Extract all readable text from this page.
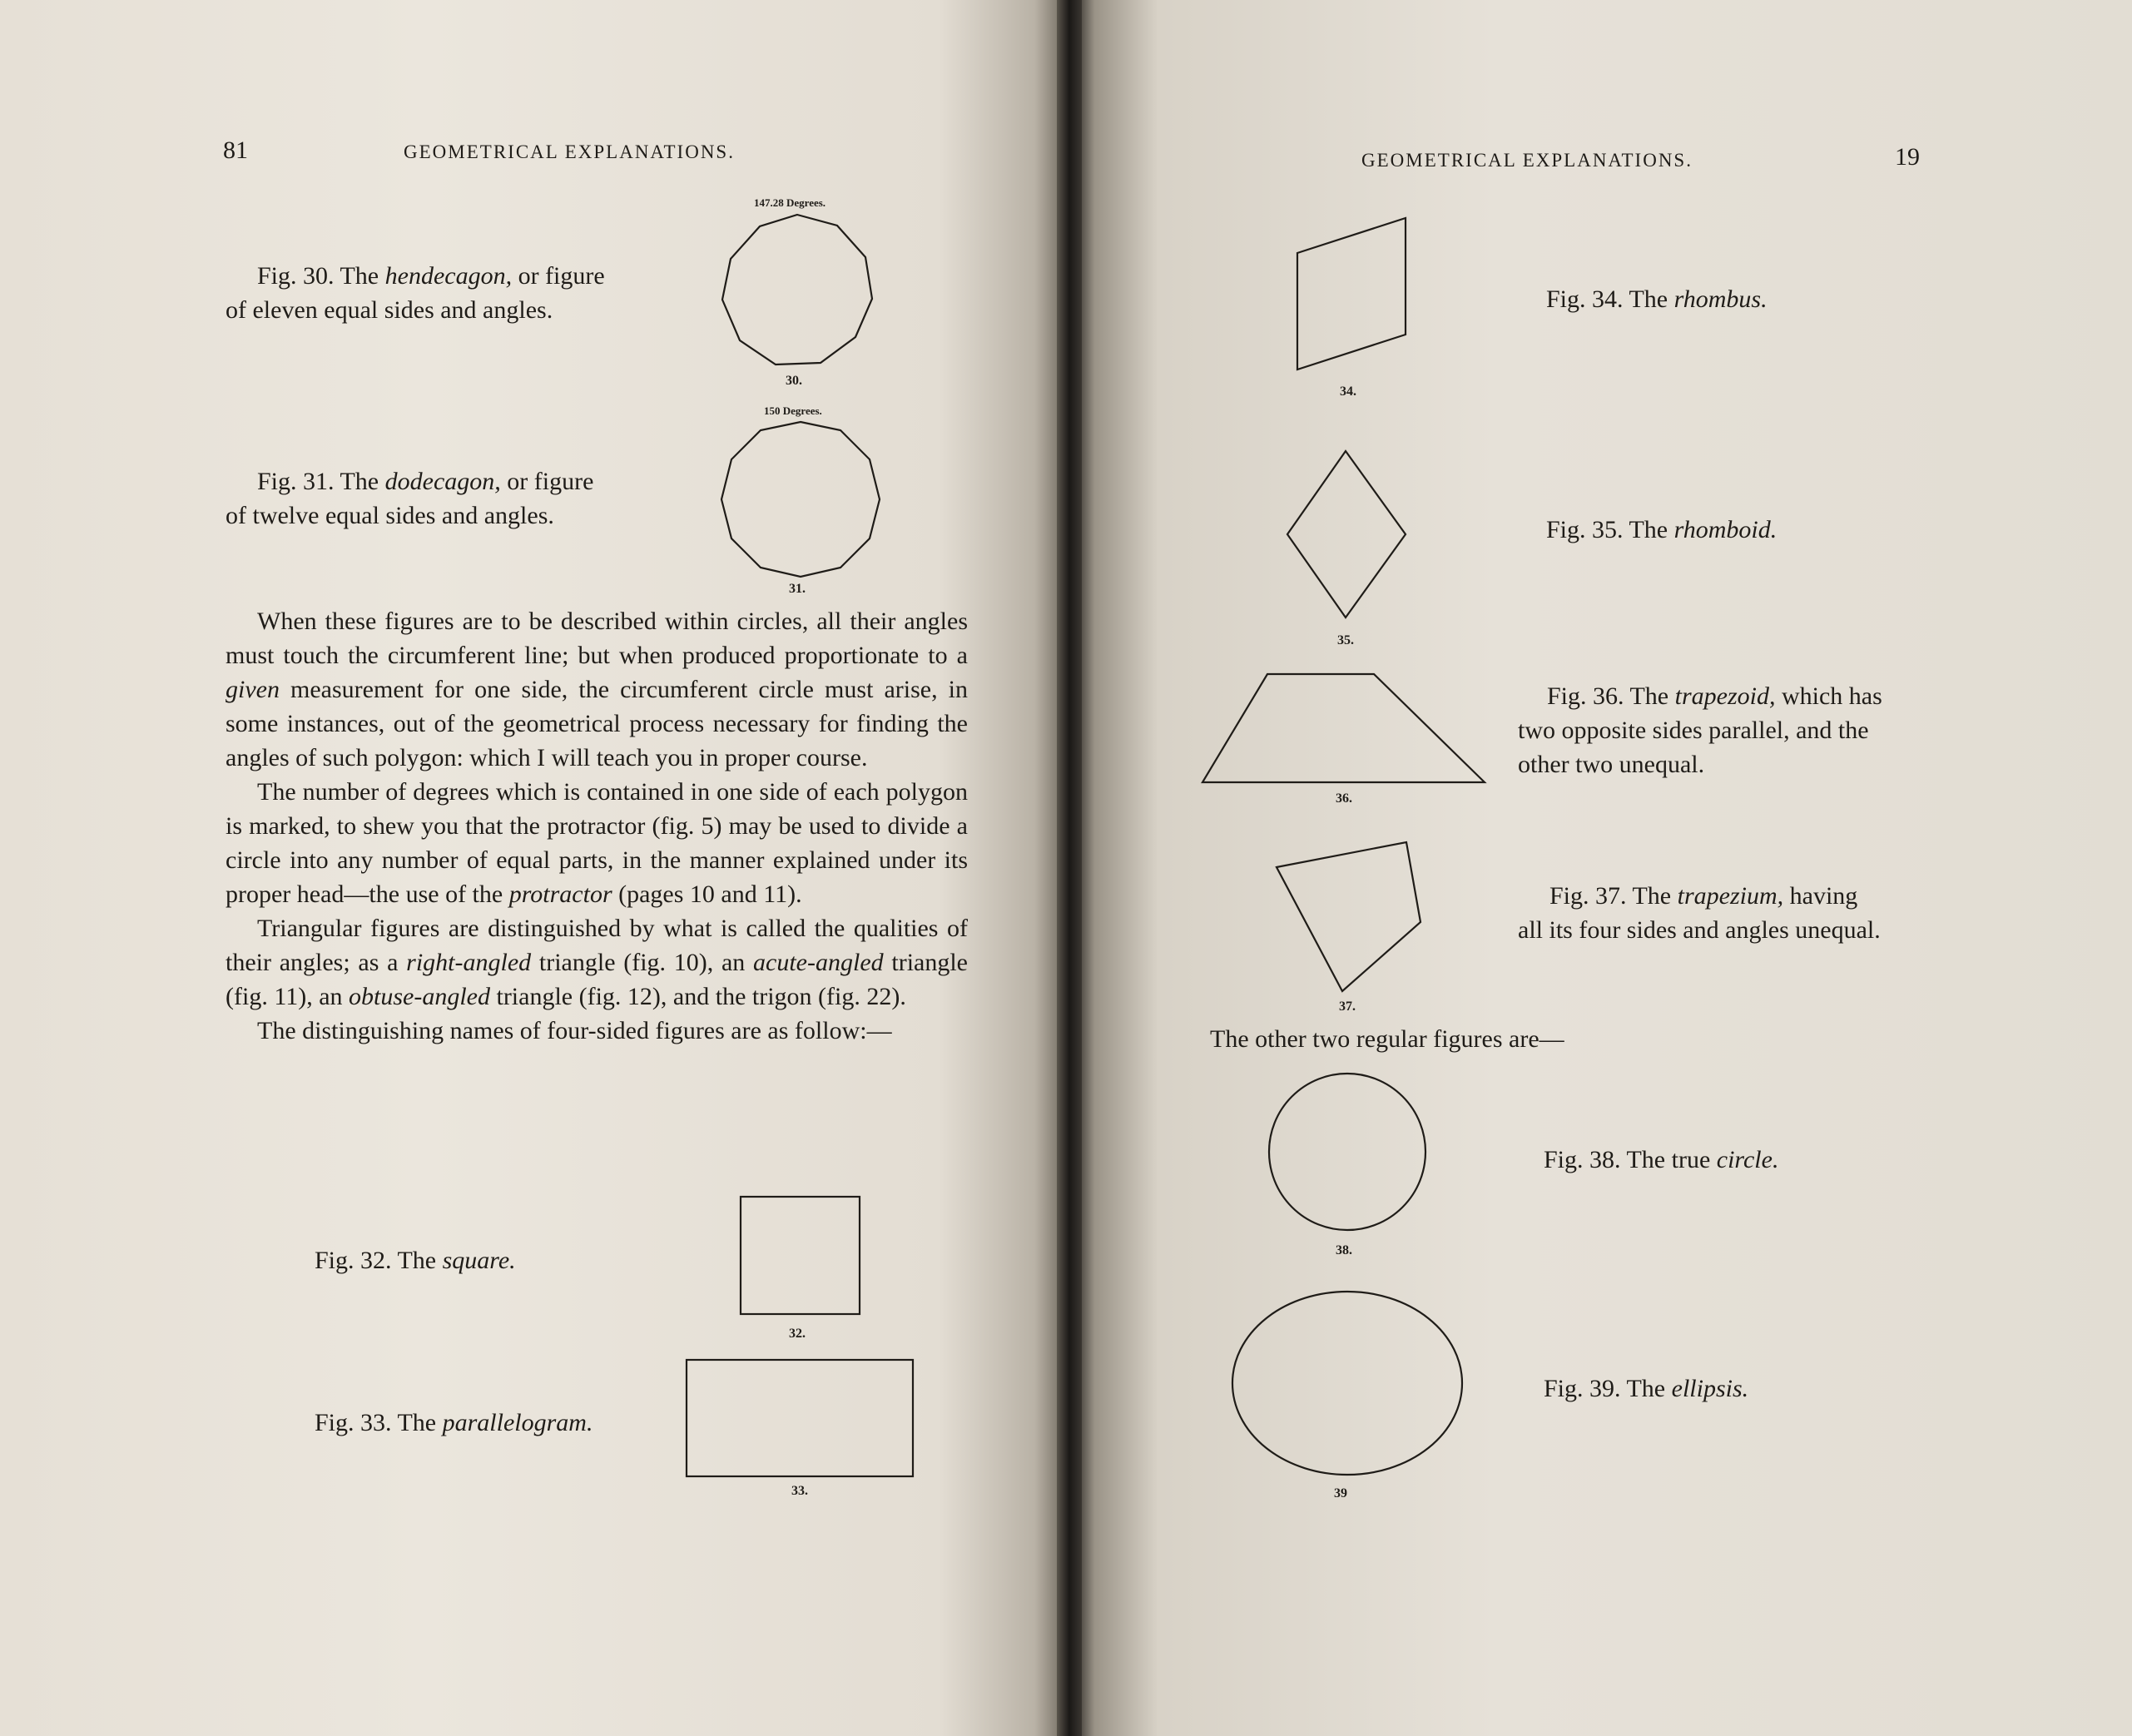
81	GEOMETRICAL EXPLANATIONS.
Fig. 30. The hendecagon, or figure
of eleven equal sides and angles.
147.28 Degrees.
30.
Fig. 31. The dodecagon, or figure
of twelve equal sides and angles.
150 Degrees.
31.

When these figures are to be described within circles, all their angles must touch the circumferent line; but when produced proportionate to a given measurement for one side, the circumferent circle must arise, in some instances, out of the geometrical process necessary for finding the angles of such polygon: which I will teach you in proper course.

The number of degrees which is contained in one side of each polygon is marked, to shew you that the protractor (fig. 5) may be used to divide a circle into any number of equal parts, in the manner explained under its proper head—the use of the protractor (pages 10 and 11).

Triangular figures are distinguished by what is called the qualities of their angles; as a right-angled triangle (fig. 10), an acute-angled triangle (fig. 11), an obtuse-angled triangle (fig. 12), and the trigon (fig. 22).

The distinguishing names of four-sided figures are as follow:—

Fig. 32. The square.
32.
Fig. 33. The parallelogram.
33.
GEOMETRICAL EXPLANATIONS.	19
Fig. 34. The rhombus.
34.
Fig. 35. The rhomboid.
35.
Fig. 36. The trapezoid, which has
two opposite sides parallel, and the
other two unequal.
36.
Fig. 37. The trapezium, having
all its four sides and angles unequal.
37.
The other two regular figures are—
Fig. 38. The true circle.
38.
Fig. 39. The ellipsis.
39
